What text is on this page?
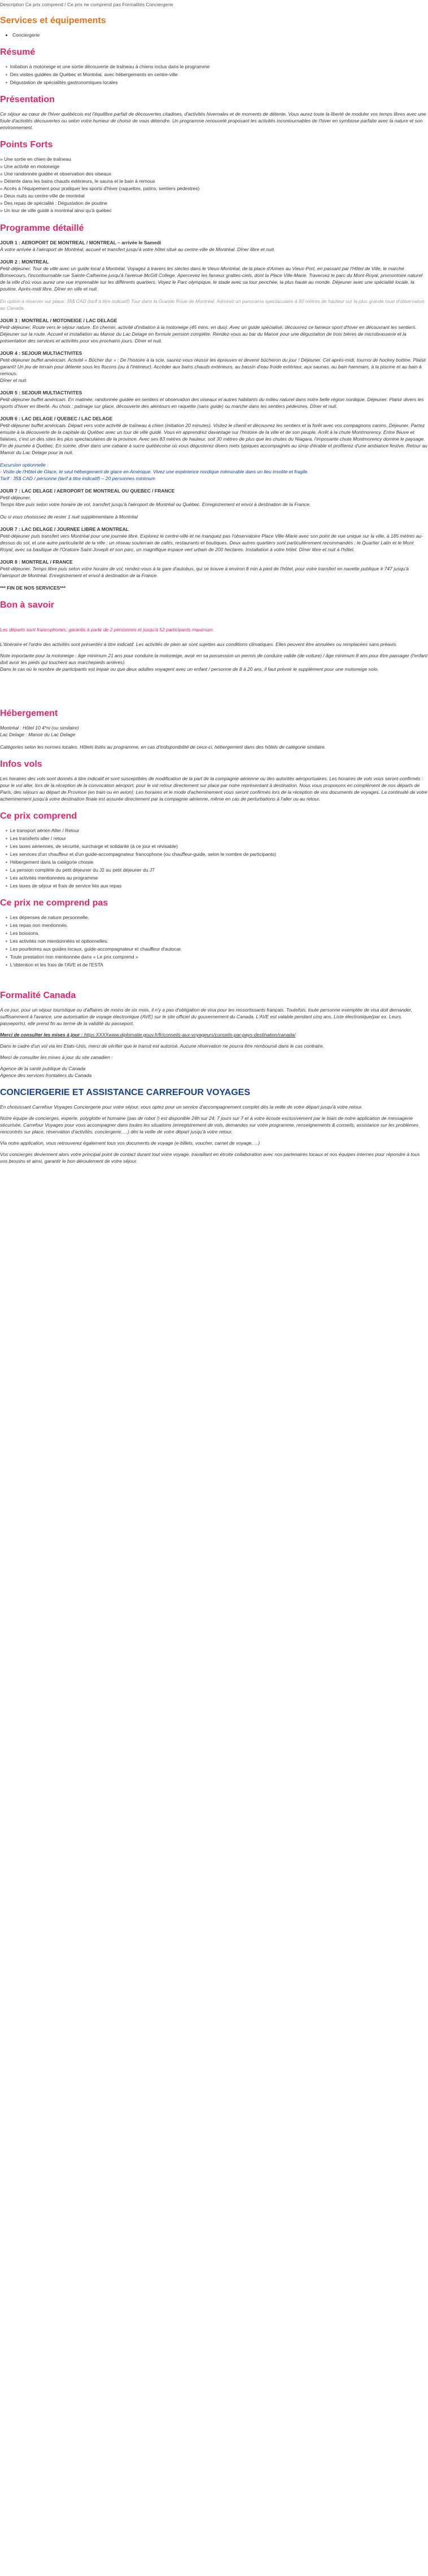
Description Ce prix comprend / Ce prix ne comprend pas Formalités Conciergerie
Services et équipements
• Conciergerie
Résumé
▪  Initiation à motoneige et une sortie découverte de traîneau à chiens inclus dans le programme
▪  Des visites guidées de Québec et Montréal, avec hébergements en centre-ville
▪  Dégustation de spécialités gastronomiques locales
Présentation

Ce séjour au cœur de l'hiver québécois est l'équilibre parfait de découvertes citadines, d'activités hivernales et de moments de détente. Vous aurez toute la liberté de moduler vos temps libres avec une foule d'activités découvertes ou selon votre humeur de choisir de vous détendre. Un programme renouvelé proposant les activités incontournables de l'hiver en symbiose parfaite avec la nature et son environnement.

Points Forts
» Une sortie en chien de traîneau
» Une activité en motoneige
» Une randonnée guidée et observation des oiseaux
» Détente dans les bains chauds extérieurs, le sauna et le bain à remous
» Accès à l'équipement pour pratiquer les sports d'hiver (raquettes, patins, sentiers pédestres)
» Deux nuits au centre-ville de montréal
» Des repas de spécialité : Dégustation de poutine
» Un tour de ville guidé à montréal ainsi qu'à québec
Programme détaillé
JOUR 1 : AEROPORT DE MONTREAL / MONTREAL – arrivée le Samedi
À votre arrivée à l'aéroport de Montréal, accueil et transfert jusqu'à votre hôtel situé au centre-ville de Montréal. Dîner libre et nuit.
JOUR 2 : MONTREAL
Petit-déjeuner. Tour de ville avec un guide local à Montréal. Voyagez à travers les siècles dans le Vieux-Montréal, de la place d'Armes au Vieux-Port, en passant par l'Hôtel de Ville, le marché Bonsecours, l'incontournable rue Sainte-Catherine jusqu'à l'avenue McGill College. Apercevez les fameux grattes-ciels, dont la Place Ville-Marie. Traversez le parc du Mont-Royal, promontoire naturel de la ville d'où vous aurez une vue imprenable sur les différents quartiers. Voyez le Parc olympique, le stade avec sa tour penchée, la plus haute au monde. Déjeuner avec une spécialité locale, la poutine. Après-midi libre. Dîner en ville et nuit.
En option à réserver sur place: 35$ CAD (tarif à titre indicatif) Tour dans la Grande Roue de Montréal. Admirez un panorama spectaculaire à 60 mètres de hauteur sur la plus grande roue d'observation au Canada.
JOUR 3 : MONTREAL / MOTONEIGE / LAC DELAGE
Petit-déjeuner. Route vers le séjour nature. En chemin, activité d'initiation à la motoneige (45 mins. en duo). Avec un guide spécialisé, découvrez ce fameux sport d'hiver en découvrant les sentiers. Déjeuner sur la route. Accueil et installation au Manoir du Lac Delage en formule pension complète. Rendez-vous au bar du Manoir pour une dégustation de trois bières de microbrasserie et la présentation des services et activités pour vos prochains jours. Dîner et nuit.
JOUR 4 : SEJOUR MULTIACTIVITES
Petit-déjeuner buffet américain. Activité « Bûcher dur » : De l'histoire à la scie, saurez-vous réussir les épreuves et devenir bûcheron du jour ! Déjeuner. Cet après-midi, tournoi de hockey bottine. Plaisir garanti! Un jeu de terrain pour détente sous les flocons (ou à l'intérieur). Accéder aux bains chauds extérieurs, au bassin d'eau froide extérieur, aux saunas, au bain hammam, à la piscine et au bain à remous.
Dîner et nuit.
JOUR 5 : SEJOUR MULTIACTIVITES
Petit-déjeuner buffet américain. En matinée, randonnée guidée en sentiers et observation des oiseaux et autres habitants du milieu naturel dans notre belle région nordique. Déjeuner. Plaisir divers les sports d'hiver en liberté. Au choix : patinage sur glace, découverte des alentours en raquette (sans guide) ou marche dans les sentiers pédestres. Dîner et nuit.
JOUR 6 : LAC DELAGE / QUEBEC / LAC DELAGE
Petit-déjeuner buffet américain. Départ vers votre activité de traîneau à chien (initiation 20 minutes). Visitez le chenil et découvrez les sentiers et la forêt avec vos compagnons canins. Déjeuner. Partez ensuite à la découverte de la capitale du Québec avec un tour de ville guidé. Vous en apprendrez davantage sur l'histoire de la ville et de son peuple. Arrêt à la chute Montmorency. Entre fleuve et falaises, c'est un des sites les plus spectaculaires de la province. Avec ses 83 mètres de hauteur, soit 30 mètres de plus que les chutes du Niagara, l'imposante chute Montmorency domine le paysage. Fin de journée à Québec. En soirée, dîner dans une cabane à sucre québécoise où vous dégusterez divers mets typiques accompagnés au sirop d'érable et profiterez d'une ambiance festive. Retour au Manoir du Lac Delage pour la nuit.
Excursion optionnelle :
- Visite de l'Hôtel de Glace, le seul hébergement de glace en Amérique. Vivez une expérience nordique mémorable dans un lieu insolite et fragile.
Tarif : 35$ CAD / personne (tarif à titre indicatif) – 20 personnes minimum
JOUR 7 : LAC DELAGE / AEROPORT DE MONTREAL OU QUEBEC / FRANCE
Petit-déjeuner.
Temps libre puis selon votre horaire de vol, transfert jusqu'à l'aéroport de Montréal ou Québec. Enregistrement et envol à destination de la France.
Ou si vous choisissez de rester 1 nuit supplémentaire à Montréal
JOUR 7 : LAC DELAGE / JOURNEE LIBRE A MONTREAL
Petit-déjeuner puis transfert vers Montréal pour une journée libre. Explorez le centre-ville et ne manquez pas l'observatoire Place Ville-Marie avec son point de vue unique sur la ville, à 185 mètres au-dessus du sol, et une autre particularité de la ville : un réseau souterrain de cafés, restaurants et boutiques. Deux autres quartiers sont particulièrement recommandés : le Quartier Latin et le Mont Royal, avec sa basilique de l'Oratoire Saint-Joseph et son parc, un magnifique espace vert urbain de 200 hectares. Installation à votre hôtel. Dîner libre et nuit à l'hôtel.
JOUR 8 : MONTREAL / FRANCE
Petit-déjeuner. Temps libre puis selon votre horaire de vol, rendez-vous à la gare d'autobus, qui se trouve à environ 8 min à pied de l'hôtel, pour votre transfert en navette publique # 747 jusqu'à l'aéroport de Montréal. Enregistrement et envol à destination de la France.
*** FIN DE NOS SERVICES***
Bon à savoir

Les départs sont francophones, garantis à partir de 2 personnes et jusqu'à 52 participants maximum.

L'itinéraire et l'ordre des activités sont présentés à titre indicatif. Les activités de plein air sont sujettes aux conditions climatiques. Elles peuvent être annulées ou remplacées sans préavis.

Note importante pour la motoneige : âge minimum 21 ans pour conduire la motoneige, avoir en sa possession un permis de conduire valide (de voiture) / âge minimum 8 ans pour être passager (l'enfant doit avoir les pieds qui touchent aux marchepieds arrières).

Dans le cas où le nombre de participants est impair ou que deux adultes voyagent avec un enfant / personne de 8 à 20 ans, il faut prévoir le supplément pour une motoneige solo.

Hébergement
Montréal : Hôtel 10 4*ni (ou similaire)
Lac Delage : Manoir du Lac Delage

Catégories selon les normes locales. Hôtels listés au programme, en cas d'indisponibilité de ceux-ci, hébergement dans des hôtels de catégorie similaire.

Infos vols

Les horaires des vols sont donnés à titre indicatif et sont susceptibles de modification de la part de la compagnie aérienne ou des autorités aéroportuaires. Les horaires de vols vous seront confirmés : pour le vol aller, lors de la réception de la convocation aéroport, pour le vol retour directement sur place par notre représentant à destination. Nous vous proposons en complément de nos départs de Paris, des séjours au départ de Province (en train ou en avion). Les horaires et le mode d'acheminement vous seront confirmés lors de la réception de vos documents de voyages. La continuité de votre acheminement jusqu'à votre destination finale est assurée directement par la compagnie aérienne, même en cas de perturbations à l'aller ou au retour.

Ce prix comprend
▪  Le transport aérien Aller / Retour
▪  Les transferts aller / retour
▪  Les taxes aériennes, de sécurité, surcharge et solidarité (à ce jour et révisable)
▪  Les services d'un chauffeur et d'un guide-accompagnateur francophone (ou chauffeur-guide, selon le nombre de participants)
▪  Hébergement dans la catégorie choisie
▪  La pension complète du petit déjeuner du J2 au petit déjeuner du J7
▪  Les activités mentionnées au programme
▪  Les taxes de séjour et frais de service liés aux repas
Ce prix ne comprend pas
▪  Les dépenses de nature personnelle.
▪  Les repas non mentionnés.
▪  Les boissons.
▪  Les activités non mentionnées et optionnelles.
▪  Les pourboires aux guides locaux, guide-accompagnateur et chauffeur d'autocar.
▪  Toute prestation non mentionnée dans « Le prix comprend »
▪  L'obtention et les frais de l'AVE et de l'ESTA
Formalité Canada

A ce jour, pour un séjour touristique ou d'affaires de moins de six mois, il n'y a pas d'obligation de visa pour les ressortissants français. Toutefois, toute personne exemptée de visa doit demander, suffisamment à l'avance, une autorisation de voyage électronique (AVE) sur le site officiel du gouvernement du Canada. L'AVE est valable pendant cinq ans. Liste électronique(par ex. Leurs passeports), elle prend fin au terme de la validité du passeport.

Merci de consulter les mises à jour : https:XXXXwww.diplomatie.gouv.fr/fr/conseils-aux-voyageurs/conseils-par-pays-destination/canada/

Dans le cadre d'un vol via les Etats-Unis, merci de vérifier que le transit est autorisé. Aucune réservation ne pourra être remboursé dans le cas contraire.

Merci de consulter les mises à jour du site canadien :

Agence de la santé publique du Canada
Agence des services frontaliers du Canada
CONCIERGERIE ET ASSISTANCE CARREFOUR VOYAGES

En choisissant Carrefour Voyages Conciergerie pour votre séjour, vous optez pour un service d'accompagnement complet dès la veille de votre départ jusqu'à votre retour.

Notre équipe de concierges, experte, polyglotte et humaine (pas de robot !) est disponible 24h sur 24, 7 jours sur 7 et à votre écoute exclusivement par le biais de notre application de messagerie sécurisée, Carrefour Voyages pour vous accompagner dans toutes les situations (enregistrement de vols, demandes sur votre programme, renseignements & conseils, assistance sur les problèmes rencontrés sur place, réservation d'activités, conciergerie, ...) dès la veille de votre départ jusqu'à votre retour.

Via notre application, vous retrouverez également tous vos documents de voyage (e-billets, voucher, carnet de voyage, ...)

Vos concierges deviennent alors votre principal point de contact durant tout votre voyage, travaillant en étroite collaboration avec nos partenaires locaux et nos équipes internes pour répondre à tous vos besoins et ainsi, garantir le bon déroulement de votre séjour.
